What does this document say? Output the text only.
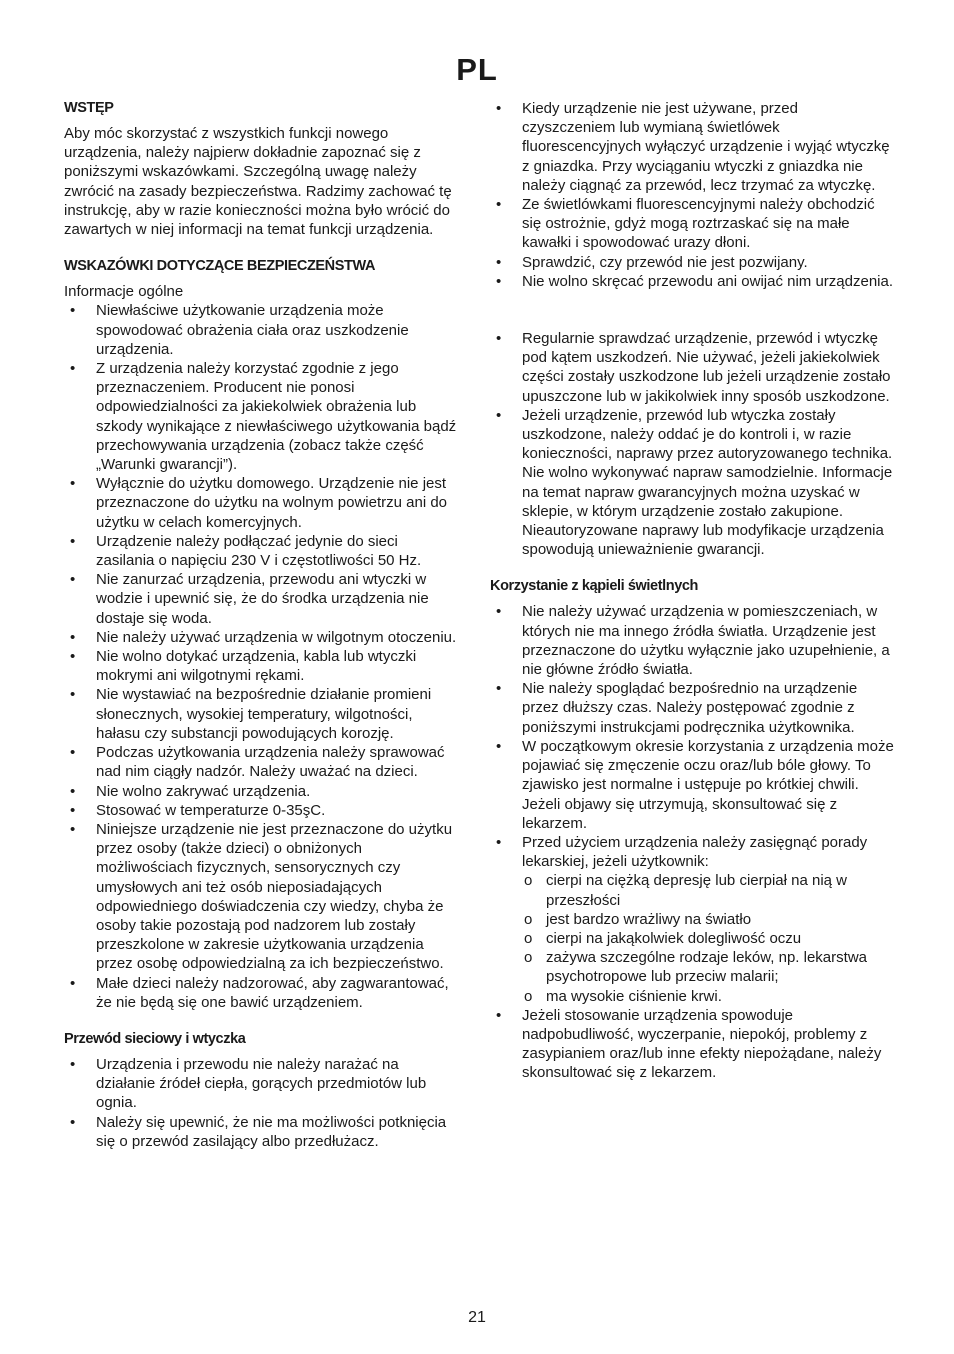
PL
WSTĘP

Aby móc skorzystać z wszystkich funkcji nowego urządzenia, należy najpierw dokładnie zapoznać się z poniższymi wskazówkami. Szczególną uwagę należy zwrócić na zasady bezpieczeństwa. Radzimy zachować tę instrukcję, aby w razie konieczności można było wrócić do zawartych w niej informacji na temat funkcji urządzenia.

WSKAZÓWKI DOTYCZĄCE BEZPIECZEŃSTWA

Informacje ogólne

• Niewłaściwe użytkowanie urządzenia może spowodować obrażenia ciała oraz uszkodzenie urządzenia.
• Z urządzenia należy korzystać zgodnie z jego przeznaczeniem. Producent nie ponosi odpowiedzialności za jakiekolwiek obrażenia lub szkody wynikające z niewłaściwego użytkowania bądź przechowywania urządzenia (zobacz także część „Warunki gwarancji”).
• Wyłącznie do użytku domowego. Urządzenie nie jest przeznaczone do użytku na wolnym powietrzu ani do użytku w celach komercyjnych.
• Urządzenie należy podłączać jedynie do sieci zasilania o napięciu 230 V i częstotliwości 50 Hz.
• Nie zanurzać urządzenia, przewodu ani wtyczki w wodzie i upewnić się, że do środka urządzenia nie dostaje się woda.
• Nie należy używać urządzenia w wilgotnym otoczeniu.
• Nie wolno dotykać urządzenia, kabla lub wtyczki mokrymi ani wilgotnymi rękami.
• Nie wystawiać na bezpośrednie działanie promieni słonecznych, wysokiej temperatury, wilgotności, hałasu czy substancji powodujących korozję.
• Podczas użytkowania urządzenia należy sprawować nad nim ciągły nadzór. Należy uważać na dzieci.
• Nie wolno zakrywać urządzenia.
• Stosować w temperaturze 0-35şC.
• Niniejsze urządzenie nie jest przeznaczone do użytku przez osoby (także dzieci) o obniżonych możliwościach fizycznych, sensorycznych czy umysłowych ani też osób nieposiadających odpowiedniego doświadczenia czy wiedzy, chyba że osoby takie pozostają pod nadzorem lub zostały przeszkolone w zakresie użytkowania urządzenia przez osobę odpowiedzialną za ich bezpieczeństwo.
• Małe dzieci należy nadzorować, aby zagwarantować, że nie będą się one bawić urządzeniem.
Przewód sieciowy i wtyczka
• Urządzenia i przewodu nie należy narażać na działanie źródeł ciepła, gorących przedmiotów lub ognia.
• Należy się upewnić, że nie ma możliwości potknięcia się o przewód zasilający albo przedłużacz.
• Kiedy urządzenie nie jest używane, przed czyszczeniem lub wymianą świetlówek fluorescencyjnych wyłączyć urządzenie i wyjąć wtyczkę z gniazdka. Przy wyciąganiu wtyczki z gniazdka nie należy ciągnąć za przewód, lecz trzymać za wtyczkę.
• Ze świetlówkami fluorescencyjnymi należy obchodzić się ostrożnie, gdyż mogą roztrzaskać się na małe kawałki i spowodować urazy dłoni.
• Sprawdzić, czy przewód nie jest pozwijany.
• Nie wolno skręcać przewodu ani owijać nim urządzenia.
• Regularnie sprawdzać urządzenie, przewód i wtyczkę pod kątem uszkodzeń. Nie używać, jeżeli jakiekolwiek części zostały uszkodzone lub jeżeli urządzenie zostało upuszczone lub w jakikolwiek inny sposób uszkodzone.
• Jeżeli urządzenie, przewód lub wtyczka zostały uszkodzone, należy oddać je do kontroli i, w razie konieczności, naprawy przez autoryzowanego technika. Nie wolno wykonywać napraw samodzielnie. Informacje na temat napraw gwarancyjnych można uzyskać w sklepie, w którym urządzenie zostało zakupione. Nieautoryzowane naprawy lub modyfikacje urządzenia spowodują unieważnienie gwarancji.
Korzystanie z kąpieli świetlnych
• Nie należy używać urządzenia w pomieszczeniach, w których nie ma innego źródła światła. Urządzenie jest przeznaczone do użytku wyłącznie jako uzupełnienie, a nie główne źródło światła.
• Nie należy spoglądać bezpośrednio na urządzenie przez dłuższy czas. Należy postępować zgodnie z poniższymi instrukcjami podręcznika użytkownika.
• W początkowym okresie korzystania z urządzenia może pojawiać się zmęczenie oczu oraz/lub bóle głowy. To zjawisko jest normalne i ustępuje po krótkiej chwili. Jeżeli objawy się utrzymują, skonsultować się z lekarzem.
• Przed użyciem urządzenia należy zasięgnąć porady lekarskiej, jeżeli użytkownik:
o cierpi na ciężką depresję lub cierpiał na nią w przeszłości
o jest bardzo wrażliwy na światło
o cierpi na jakąkolwiek dolegliwość oczu
o zażywa szczególne rodzaje leków, np. lekarstwa psychotropowe lub przeciw malarii;
o ma wysokie ciśnienie krwi.
• Jeżeli stosowanie urządzenia spowoduje nadpobudliwość, wyczerpanie, niepokój, problemy z zasypianiem oraz/lub inne efekty niepożądane, należy skonsultować się z lekarzem.
21
